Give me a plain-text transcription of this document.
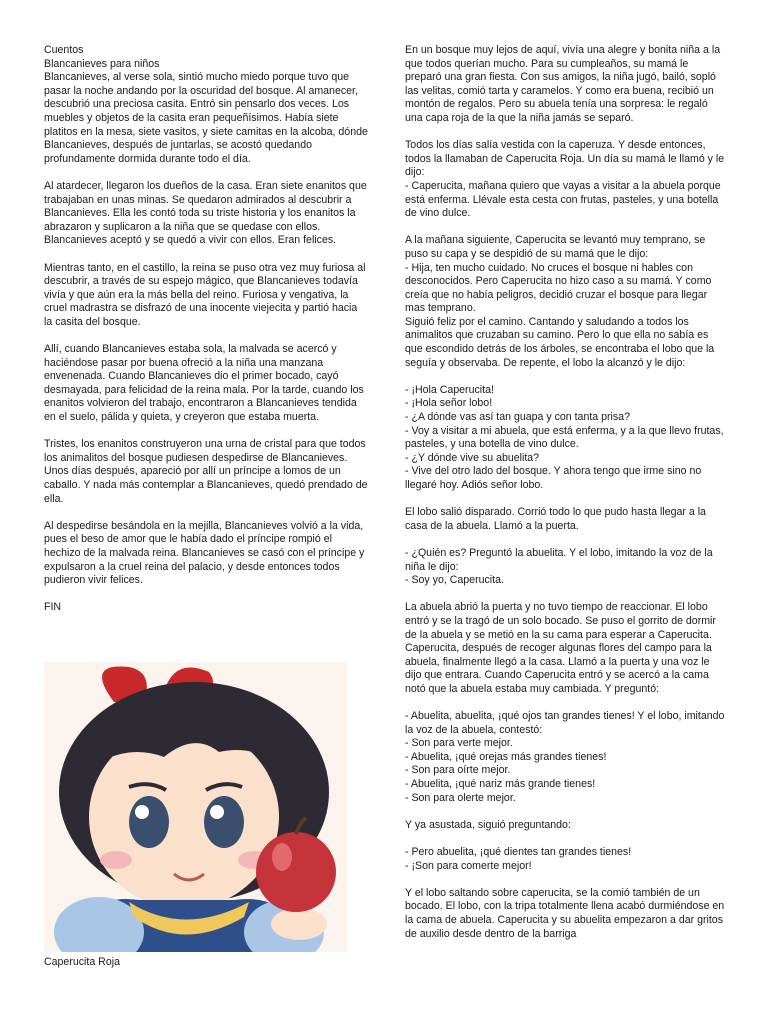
Cuentos

Blancanieves para niños

Blancanieves, al verse sola, sintió mucho miedo porque tuvo que pasar la noche andando por la oscuridad del bosque. Al amanecer, descubrió una preciosa casita. Entró sin pensarlo dos veces. Los muebles y objetos de la casita eran pequeñísimos. Había siete platitos en la mesa, siete vasitos, y siete camitas en la alcoba, dónde Blancanieves, después de juntarlas, se acostó quedando profundamente dormida durante todo el día.

Al atardecer, llegaron los dueños de la casa. Eran siete enanitos que trabajaban en unas minas. Se quedaron admirados al descubrir a Blancanieves. Ella les contó toda su triste historia y los enanitos la abrazaron y suplicaron a la niña que se quedase con ellos. Blancanieves aceptó y se quedó a vivir con ellos. Eran felices.

Mientras tanto, en el castillo, la reina se puso otra vez muy furiosa al descubrir, a través de su espejo mágico, que Blancanieves todavía vivía y que aún era la más bella del reino. Furiosa y vengativa, la cruel madrastra se disfrazó de una inocente viejecita y partió hacia la casita del bosque.

Allí, cuando Blancanieves estaba sola, la malvada se acercó y haciéndose pasar por buena ofreció a la niña una manzana envenenada. Cuando Blancanieves dio el primer bocado, cayó desmayada, para felicidad de la reina mala. Por la tarde, cuando los enanitos volvieron del trabajo, encontraron a Blancanieves tendida en el suelo, pálida y quieta, y creyeron que estaba muerta.

Tristes, los enanitos construyeron una urna de cristal para que todos los animalitos del bosque pudiesen despedirse de Blancanieves. Unos días después, apareció por allí un príncipe a lomos de un caballo. Y nada más contemplar a Blancanieves, quedó prendado de ella.

Al despedirse besándola en la mejilla, Blancanieves volvió a la vida, pues el beso de amor que le había dado el príncipe rompió el hechizo de la malvada reina. Blancanieves se casó con el príncipe y expulsaron a la cruel reina del palacio, y desde entonces todos pudieron vivir felices.

FIN

Caperucita Roja

En un bosque muy lejos de aquí, vivía una alegre y bonita niña a la que todos querían mucho. Para su cumpleaños, su mamá le preparó una gran fiesta. Con sus amigos, la niña jugó, bailó, sopló las velitas, comió tarta y caramelos. Y como era buena, recibió un montón de regalos. Pero su abuela tenía una sorpresa: le regaló una capa roja de la que la niña jamás se separó.

Todos los días salía vestida con la caperuza. Y desde entonces, todos la llamaban de Caperucita Roja. Un día su mamá le llamó y le dijo:
- Caperucita, mañana quiero que vayas a visitar a la abuela porque está enferma. Llévale esta cesta con frutas, pasteles, y una botella de vino dulce.

A la mañana siguiente, Caperucita se levantó muy temprano, se puso su capa y se despidió de su mamá que le dijo:
- Hija, ten mucho cuidado. No cruces el bosque ni hables con desconocidos. Pero Caperucita no hizo caso a su mamá. Y como creía que no había peligros, decidió cruzar el bosque para llegar mas temprano.
Siguió feliz por el camino. Cantando y saludando a todos los animalitos que cruzaban su camino. Pero lo que ella no sabía es que escondido detrás de los árboles, se encontraba el lobo que la seguía y observaba. De repente, el lobo la alcanzó y le dijo:

- ¡Hola Caperucita!
- ¡Hola señor lobo!
- ¿A dónde vas así tan guapa y con tanta prisa?
- Voy a visitar a mi abuela, que está enferma, y a la que llevo frutas, pasteles, y una botella de vino dulce.
- ¿Y dónde vive su abuelita?
- Vive del otro lado del bosque. Y ahora tengo que irme sino no llegaré hoy. Adiós señor lobo.

El lobo salió disparado. Corrió todo lo que pudo hasta llegar a la casa de la abuela. Llamó a la puerta.

- ¿Quién es? Preguntó la abuelita. Y el lobo, imitando la voz de la niña le dijo:
- Soy yo, Caperucita.

La abuela abrió la puerta y no tuvo tiempo de reaccionar. El lobo entró y se la tragó de un solo bocado. Se puso el gorrito de dormir de la abuela y se metió en la su cama para esperar a Caperucita. Caperucita, después de recoger algunas flores del campo para la abuela, finalmente llegó a la casa. Llamó a la puerta y una voz le dijo que entrara. Cuando Caperucita entró y se acercó a la cama notó que la abuela estaba muy cambiada. Y preguntó:

- Abuelita, abuelita, ¡qué ojos tan grandes tienes! Y el lobo, imitando la voz de la abuela, contestó:
- Son para verte mejor.
- Abuelita, ¡qué orejas más grandes tienes!
- Son para oírte mejor.
- Abuelita, ¡qué nariz más grande tienes!
- Son para olerte mejor.

Y ya asustada, siguió preguntando:

- Pero abuelita, ¡qué dientes tan grandes tienes!
- ¡Son para comerte mejor!

Y el lobo saltando sobre caperucita, se la comió también de un bocado. El lobo, con la tripa totalmente llena acabó durmiéndose en la cama de abuela. Caperucita y su abuelita empezaron a dar gritos de auxilio desde dentro de la barriga
